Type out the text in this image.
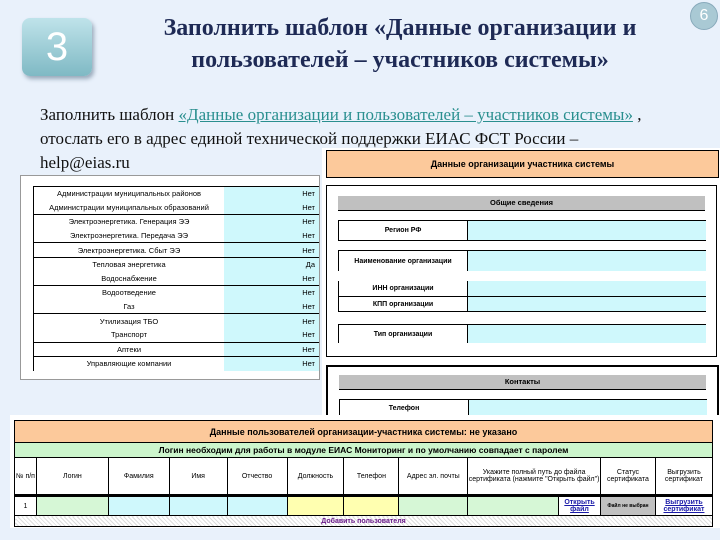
3
6
Заполнить шаблон «Данные организации и пользователей – участников системы»
Заполнить шаблон «Данные организации и пользователей – участников системы» , отослать его в адрес единой технической поддержки ЕИАС ФСТ России – help@eias.ru
Администрации муниципальных районов	Нет
Администрации муниципальных образований	Нет
Электроэнергетика. Генерация ЭЭ	Нет
Электроэнергетика. Передача ЭЭ	Нет
Электроэнергетика. Сбыт ЭЭ	Нет
Тепловая энергетика	Да
Водоснабжение	Нет
Водоотведение	Нет
Газ	Нет
Утилизация ТБО	Нет
Транспорт	Нет
Аптеки	Нет
Управляющие компании	Нет
Данные организации участника системы
Общие сведения
Регион РФ
Наименование организации
ИНН организации
КПП организации
Тип организации
Контакты
Телефон
Данные пользователей организации-участника системы: не указано											
Логин необходим для работы в модуле ЕИАС Мониторинг и по умолчанию совпадает с паролем											
№ п/п	Логин	Фамилия	Имя	Отчество	Должность	Телефон	Адрес эл. почты	Укажите полный путь до файла сертификата (нажмите "Открыть файл")		Статус сертификата	Выгрузить сертификат
1									Открыть файл	Файл не выбран	Выгрузить сертификат
Добавить пользователя											
